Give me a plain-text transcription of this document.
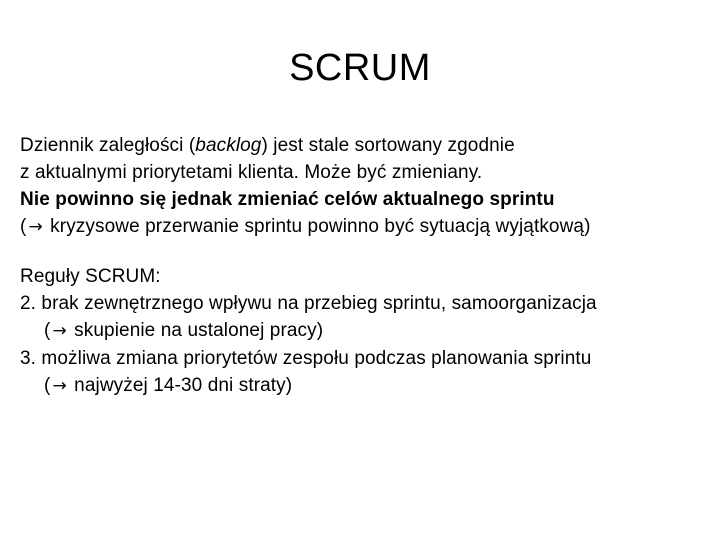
SCRUM
Dziennik zaległości (backlog) jest stale sortowany zgodnie
z aktualnymi priorytetami klienta. Może być zmieniany.
Nie powinno się jednak zmieniać celów aktualnego sprintu
( → kryzysowe przerwanie sprintu powinno być sytuacją wyjątkową)
Reguły SCRUM:
2. brak zewnętrznego wpływu na przebieg sprintu, samoorganizacja
( → skupienie na ustalonej pracy)
3. możliwa zmiana priorytetów zespołu podczas planowania sprintu
( → najwyżej 14-30 dni straty)
